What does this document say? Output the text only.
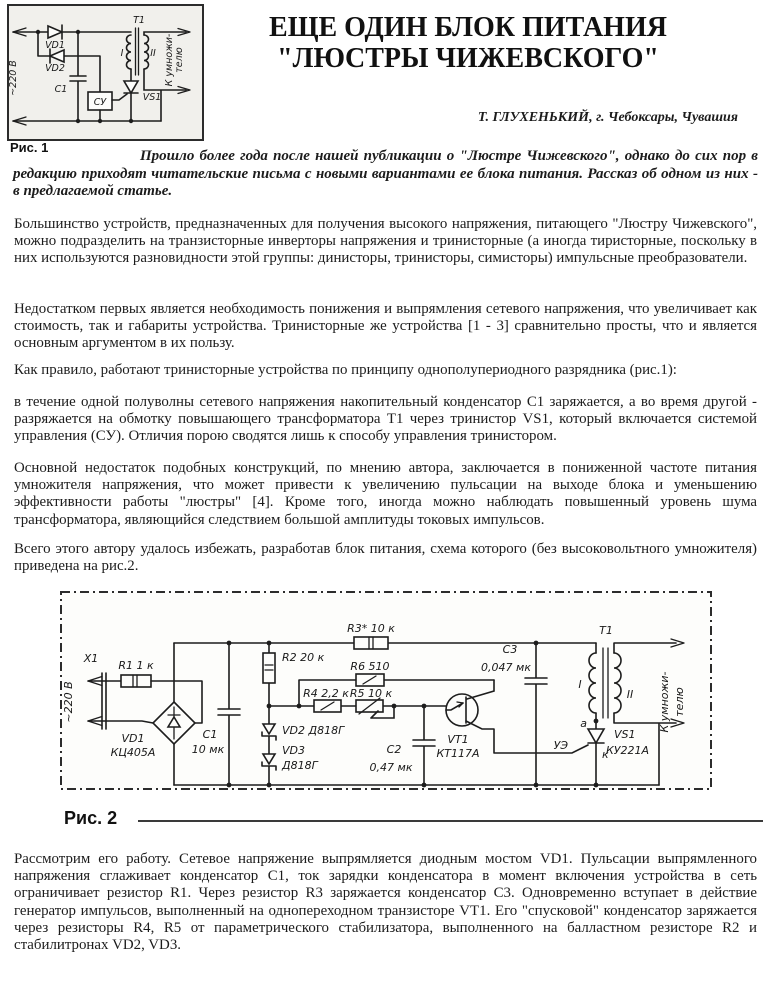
VD1
VD2
С1
СУ	VS1
Т1
I	II
~220 В	К умножи- телю
Рис. 1
ЕЩЕ ОДИН БЛОК ПИТАНИЯ
"ЛЮСТРЫ ЧИЖЕВСКОГО"
Т. ГЛУХЕНЬКИЙ, г. Чебоксары, Чувашия

Прошло более года после нашей публикации о "Люстре Чижевского", однако до сих пор в редакцию приходят читательские письма с новыми вариантами ее блока питания. Рассказ об одном из них - в предлагаемой статье.

Большинство устройств, предназначенных для получения высокого напряжения, питающего "Люстру Чижевского", можно подразделить на транзисторные инверторы напряжения и тринисторные (а иногда тиристорные, поскольку в них используются разновидности этой группы: динисторы, тринисторы, симисторы) импульсные преобразователи.

Недостатком первых является необходимость понижения и выпрямления сетевого напряжения, что увеличивает как стоимость, так и габариты устройства. Тринисторные же устройства [1 - 3] сравнительно просты, что и является основным аргументом в их пользу.

Как правило, работают тринисторные устройства по принципу однополупериодного разрядника (рис.1):

в течение одной полуволны сетевого напряжения накопительный конденсатор C1 заряжается, а во время другой - разряжается на обмотку повышающего трансформатора T1 через тринистор VS1, который включается системой управления (СУ). Отличия порою сводятся лишь к способу управления тринистором.

Основной недостаток подобных конструкций, по мнению автора, заключается в пониженной частоте питания умножителя напряжения, что может привести к увеличению пульсации на выходе блока и уменьшению эффективности работы "люстры" [4]. Кроме того, иногда можно наблюдать повышенный уровень шума трансформатора, являющийся следствием большой амплитуды токовых импульсов.

Всего этого автору удалось избежать, разработав блок питания, схема которого (без высоковольтного умножителя) приведена на рис.2.

X1
~220 В
R1 1 к
VD1
КЦ405А
С1
10 мк
R2 20 к
R3* 10 к
R6 510
R4 2,2 к R5 10 к
VD2 Д818Г
VD3
Д818Г
С2
0,47 мк
VT1
КТ117А
С3
0,047 мк
Т1
I
II
а
к
УЭ
VS1
КУ221А
К умножи- телю
Рис. 2

Рассмотрим его работу. Сетевое напряжение выпрямляется диодным мостом VD1. Пульсации выпрямленного напряжения сглаживает конденсатор C1, ток зарядки конденсатора в момент включения устройства в сеть ограничивает резистор R1. Через резистор R3 заряжается конденсатор C3. Одновременно вступает в действие генератор импульсов, выполненный на однопереходном транзисторе VT1. Его "спусковой" конденсатор заряжается через резисторы R4, R5 от параметрического стабилизатора, выполненного на балластном резисторе R2 и стабилитронах VD2, VD3.
